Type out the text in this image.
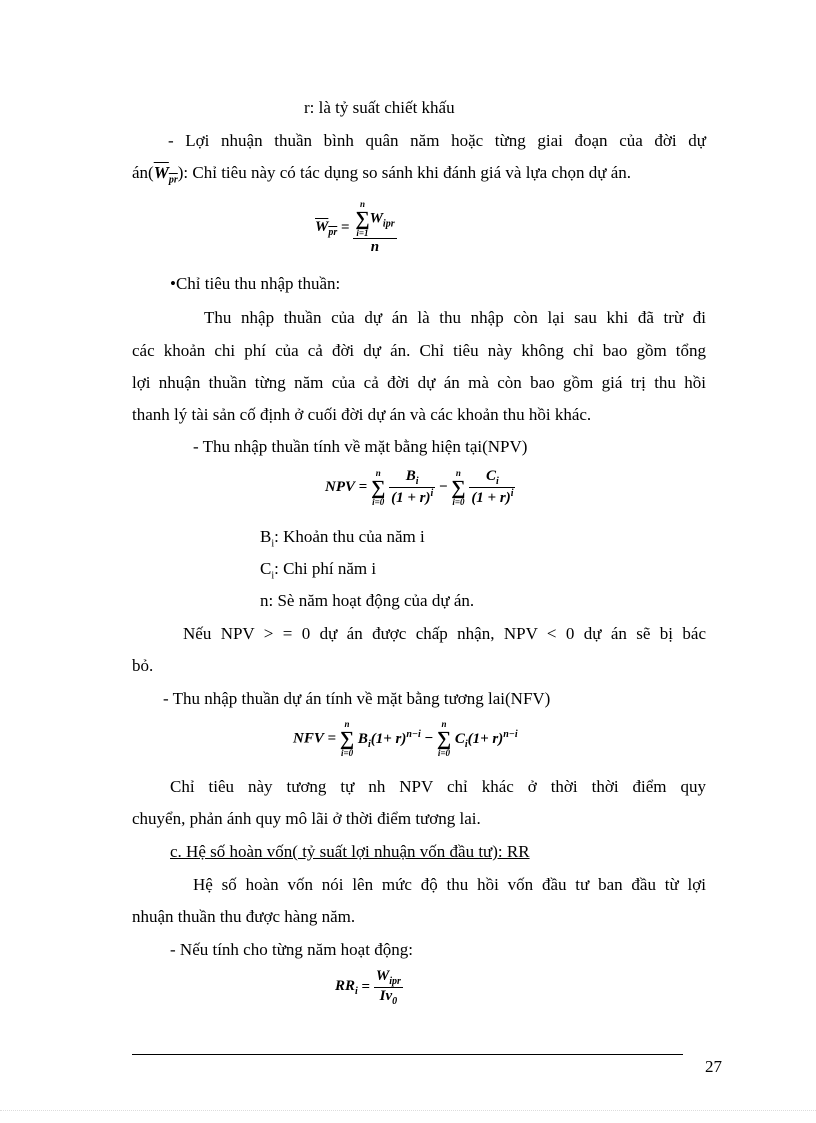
r: là tỷ suất chiết khấu
- Lợi nhuận thuần bình quân năm hoặc từng giai đoạn của đời dự
$án(W_{pr})$: Chỉ tiêu này có tác dụng so sánh khi đánh giá và lựa chọn dự án.
$W_{pr} = n$
∑
i=1
$W_{ipr}$
n
•Chỉ tiêu thu nhập thuần:
Thu nhập thuần của dự án là thu nhập còn lại sau khi đã trừ đi
các khoản chi phí của cả đời dự án. Chỉ tiêu này không chỉ bao gồm tổng
lợi nhuận thuần từng năm của cả đời dự án mà còn bao gồm giá trị thu hồi
thanh lý tài sản cố định ở cuối đời dự án và các khoản thu hồi khác.
- Thu nhập thuần tính về mặt bằng hiện tại(NPV)
NPV =
n
∑
i=0
$\frac{B_i}{(1 + r)^i}$ −
n
∑
i=0
$\frac{C_i}{(1 + r)^i}$
$B_i$: Khoản thu của năm i
$C_i$: Chi phí năm i
n: Sè năm hoạt động của dự án.
Nếu NPV > = 0 dự án được chấp nhận, NPV < 0 dự án sẽ bị bác
bỏ.
- Thu nhập thuần dự án tính về mặt bằng tương lai(NFV)
NFV =
n
∑
i=0
$B_i(1+ r)^{n-i}$ −
n
∑
i=0
$C_i(1+ r)^{n-i}$
Chỉ tiêu này tương tự nh NPV chỉ khác ở thời thời điểm quy
chuyển, phản ánh quy mô lãi ở thời điểm tương lai.
c. Hệ số hoàn vốn( tỷ suất lợi nhuận vốn đầu tư): RR
Hệ số hoàn vốn nói lên mức độ thu hồi vốn đầu tư ban đầu từ lợi
nhuận thuần thu được hàng năm.
- Nếu tính cho từng năm hoạt động:
$RR_i = \frac{W_{ipr}}{Iv_0}$
27
